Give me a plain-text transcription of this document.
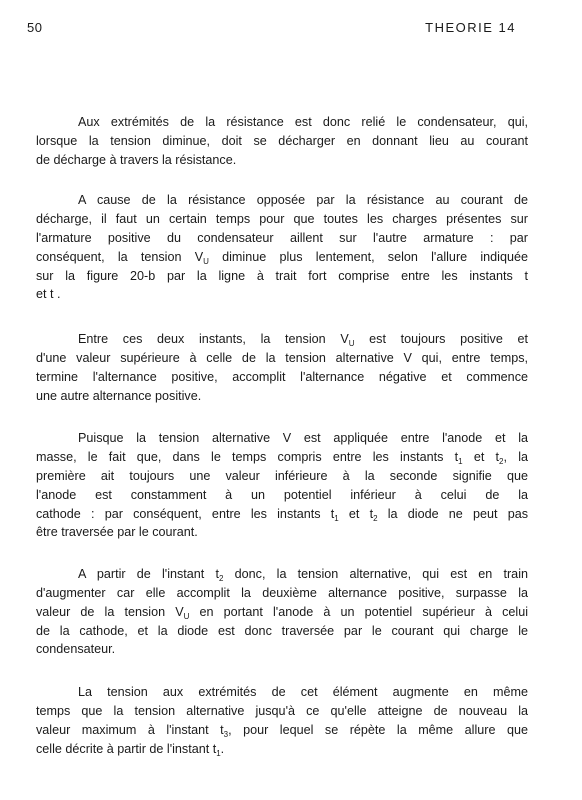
50	THEORIE 14
Aux extrémités de la résistance est donc relié le condensateur, qui,
lorsque la tension diminue, doit se décharger en donnant lieu au courant
de décharge à travers la résistance.
A cause de la résistance opposée par la résistance au courant de
décharge, il faut un certain temps pour que toutes les charges présentes sur
l'armature positive du condensateur aillent sur l'autre armature : par
conséquent, la tension $V_U$ diminue plus lentement, selon l'allure indiquée
sur la figure 20-b par la ligne à trait fort comprise entre les instants t
et t .
Entre ces deux instants, la tension $V_U$ est toujours positive et
d'une valeur supérieure à celle de la tension alternative V qui, entre temps,
termine l'alternance positive, accomplit l'alternance négative et commence
une autre alternance positive.
Puisque la tension alternative V est appliquée entre l'anode et la
masse, le fait que, dans le temps compris entre les instants $t_1$ et $t_2$, la
première ait toujours une valeur inférieure à la seconde signifie que
l'anode est constamment à un potentiel inférieur à celui de la
cathode : par conséquent, entre les instants $t_1$ et $t_2$ la diode ne peut pas
être traversée par le courant.
A partir de l'instant $t_2$ donc, la tension alternative, qui est en train
d'augmenter car elle accomplit la deuxième alternance positive, surpasse la
valeur de la tension $V_U$ en portant l'anode à un potentiel supérieur à celui
de la cathode, et la diode est donc traversée par le courant qui charge le
condensateur.
La tension aux extrémités de cet élément augmente en même
temps que la tension alternative jusqu'à ce qu'elle atteigne de nouveau la
valeur maximum à l'instant $t_3$, pour lequel se répète la même allure que
celle décrite à partir de l'instant $t_1$.
